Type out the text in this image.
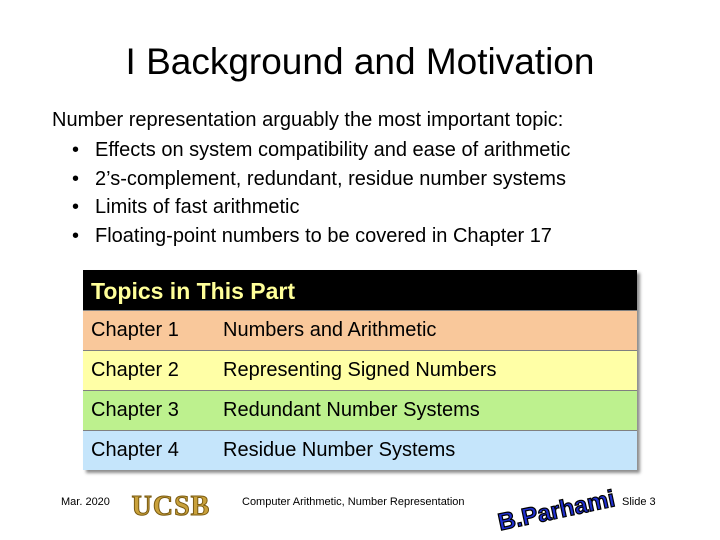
I Background and Motivation
Number representation arguably the most important topic:
• Effects on system compatibility and ease of arithmetic
• 2’s-complement, redundant, residue number systems
• Limits of fast arithmetic
• Floating-point numbers to be covered in Chapter 17
Topics in This Part
Chapter 1	Numbers and Arithmetic
Chapter 2	Representing Signed Numbers
Chapter 3	Redundant Number Systems
Chapter 4	Residue Number Systems
Mar. 2020 UCSB	Computer Arithmetic, Number Representation B.Parhami Slide 3
